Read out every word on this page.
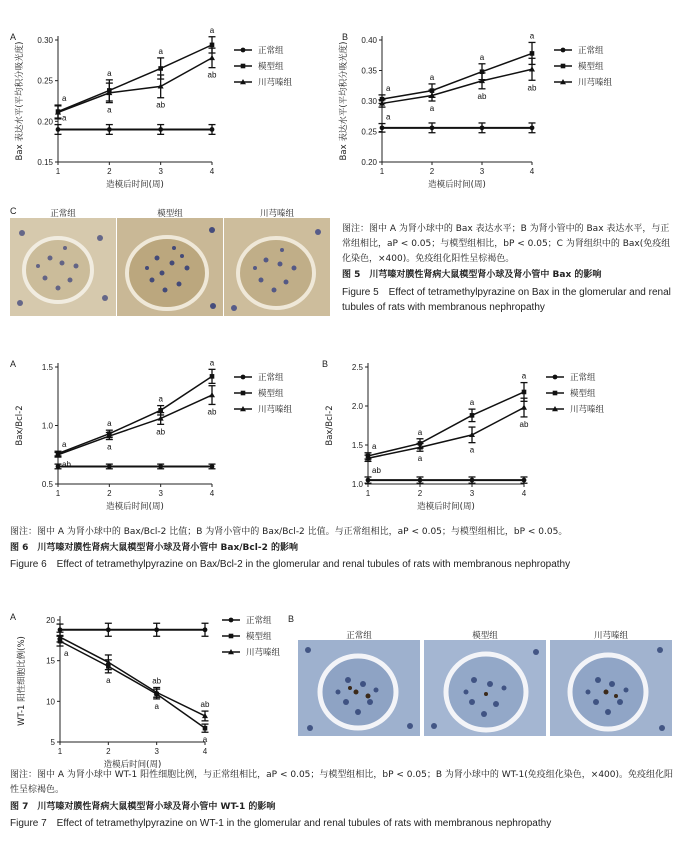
A
0.15
0.20
0.25
0.30
1	2	3	4
造模后时间(周)
Bax 表达水平(平均积分吸光度)	a
a
a
a
a
a
ab
ab
正常组
模型组
川芎嗪组
B
0.20
0.25
0.30
0.35
0.40
1	2	3	4
造模后时间(周)
Bax 表达水平(平均积分吸光度)	a
a
a
a
a
a
ab
ab
正常组
模型组
川芎嗪组
C	正常组	模型组	川芎嗪组
图注：图中 A 为肾小球中的 Bax 表达水平；B 为肾小管中的 Bax 表达水平，与正常组相比，aP < 0.05；与模型组相比，bP < 0.05；C 为肾组织中的 Bax(免疫组化染色，×400)。免疫组化阳性呈棕褐色。
图 5　川芎嗪对膜性肾病大鼠模型肾小球及肾小管中 Bax 的影响
Figure 5　Effect of tetramethylpyrazine on Bax in the glomerular and renal tubules of rats with membranous nephropathy
A
0.5
1.0
1.5
1	2	3	4
造模后时间(周)
Bax/Bcl-2	a
a
a
a
ab
a
ab
ab
正常组
模型组
川芎嗪组
B
1.0
1.5
2.0
2.5
1	2	3	4
造模后时间(周)
Bax/Bcl-2
ab
a
a
a
a
a
a
ab
正常组
模型组
川芎嗪组
图注：图中 A 为肾小球中的 Bax/Bcl-2 比值；B 为肾小管中的 Bax/Bcl-2 比值。与正常组相比，aP < 0.05；与模型组相比，bP < 0.05。
图 6　川芎嗪对膜性肾病大鼠模型肾小球及肾小管中 Bax/Bcl-2 的影响
Figure 6　Effect of tetramethylpyrazine on Bax/Bcl-2 in the glomerular and renal tubules of rats with membranous nephropathy
A
5
10
15
20
1	2	3	4
造模后时间(周)
WT-1 阳性细胞比例(%)	a
a
a
a
ab
ab
正常组
模型组
川芎嗪组
B
正常组	模型组	川芎嗪组
图注：图中 A 为肾小球中 WT-1 阳性细胞比例，与正常组相比，aP < 0.05；与模型组相比，bP < 0.05；B 为肾小球中的 WT-1(免疫组化染色，×400)。免疫组化阳性呈棕褐色。
图 7　川芎嗪对膜性肾病大鼠模型肾小球及肾小管中 WT-1 的影响
Figure 7　Effect of tetramethylpyrazine on WT-1 in the glomerular and renal tubules of rats with membranous nephropathy
